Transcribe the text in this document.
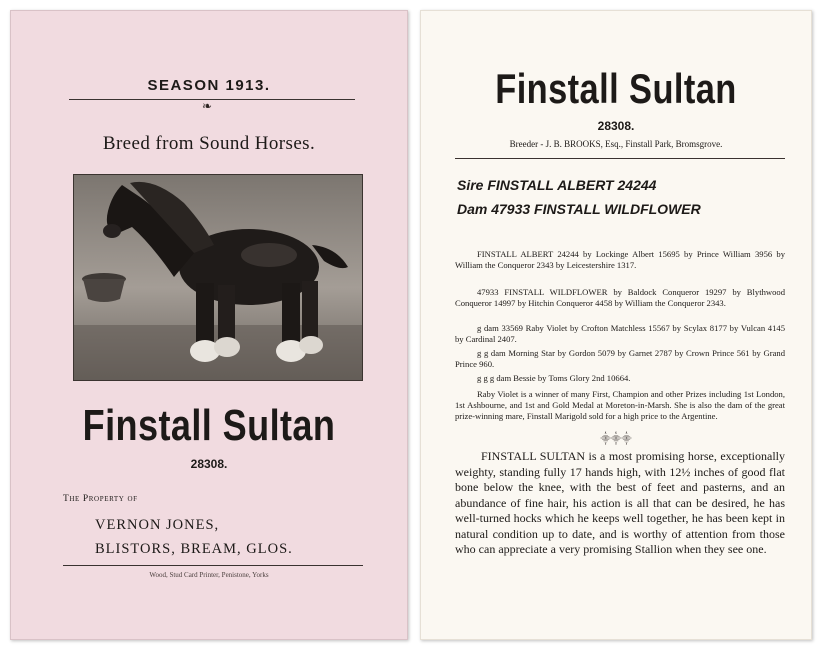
SEASON 1913.
❧
Breed from Sound Horses.
Finstall Sultan
28308.
The Property of
VERNON JONES,
BLISTORS, BREAM, GLOS.
Wood, Stud Card Printer, Penistone, Yorks
Finstall Sultan
28308.
Breeder - J. B. BROOKS, Esq., Finstall Park, Bromsgrove.
Sire FINSTALL ALBERT 24244
Dam 47933 FINSTALL WILDFLOWER
FINSTALL ALBERT 24244 by Lockinge Albert 15695 by Prince William 3956 by William the Conqueror 2343 by Leicestershire 1317.
47933 FINSTALL WILDFLOWER by Baldock Conqueror 19297 by Blythwood Conqueror 14997 by Hitchin Conqueror 4458 by William the Conqueror 2343.
g dam 33569 Raby Violet by Crofton Matchless 15567 by Scylax 8177 by Vulcan 4145 by Cardinal 2407.
g g dam Morning Star by Gordon 5079 by Garnet 2787 by Crown Prince 561 by Grand Prince 960.
g g g dam Bessie by Toms Glory 2nd 10664.
Raby Violet is a winner of many First, Champion and other Prizes including 1st London, 1st Ashbourne, and 1st and Gold Medal at Moreton-in-Marsh. She is also the dam of the great prize-winning mare, Finstall Marigold sold for a high price to the Argentine.
⸎⸎⸎
FINSTALL SULTAN is a most promising horse, exceptionally weighty, standing fully 17 hands high, with 12½ inches of good flat bone below the knee, with the best of feet and pasterns, and an abundance of fine hair, his action is all that can be desired, he has well-turned hocks which he keeps well together, he has been kept in natural condition up to date, and is worthy of attention from those who can appreciate a very promising Stallion when they see one.
